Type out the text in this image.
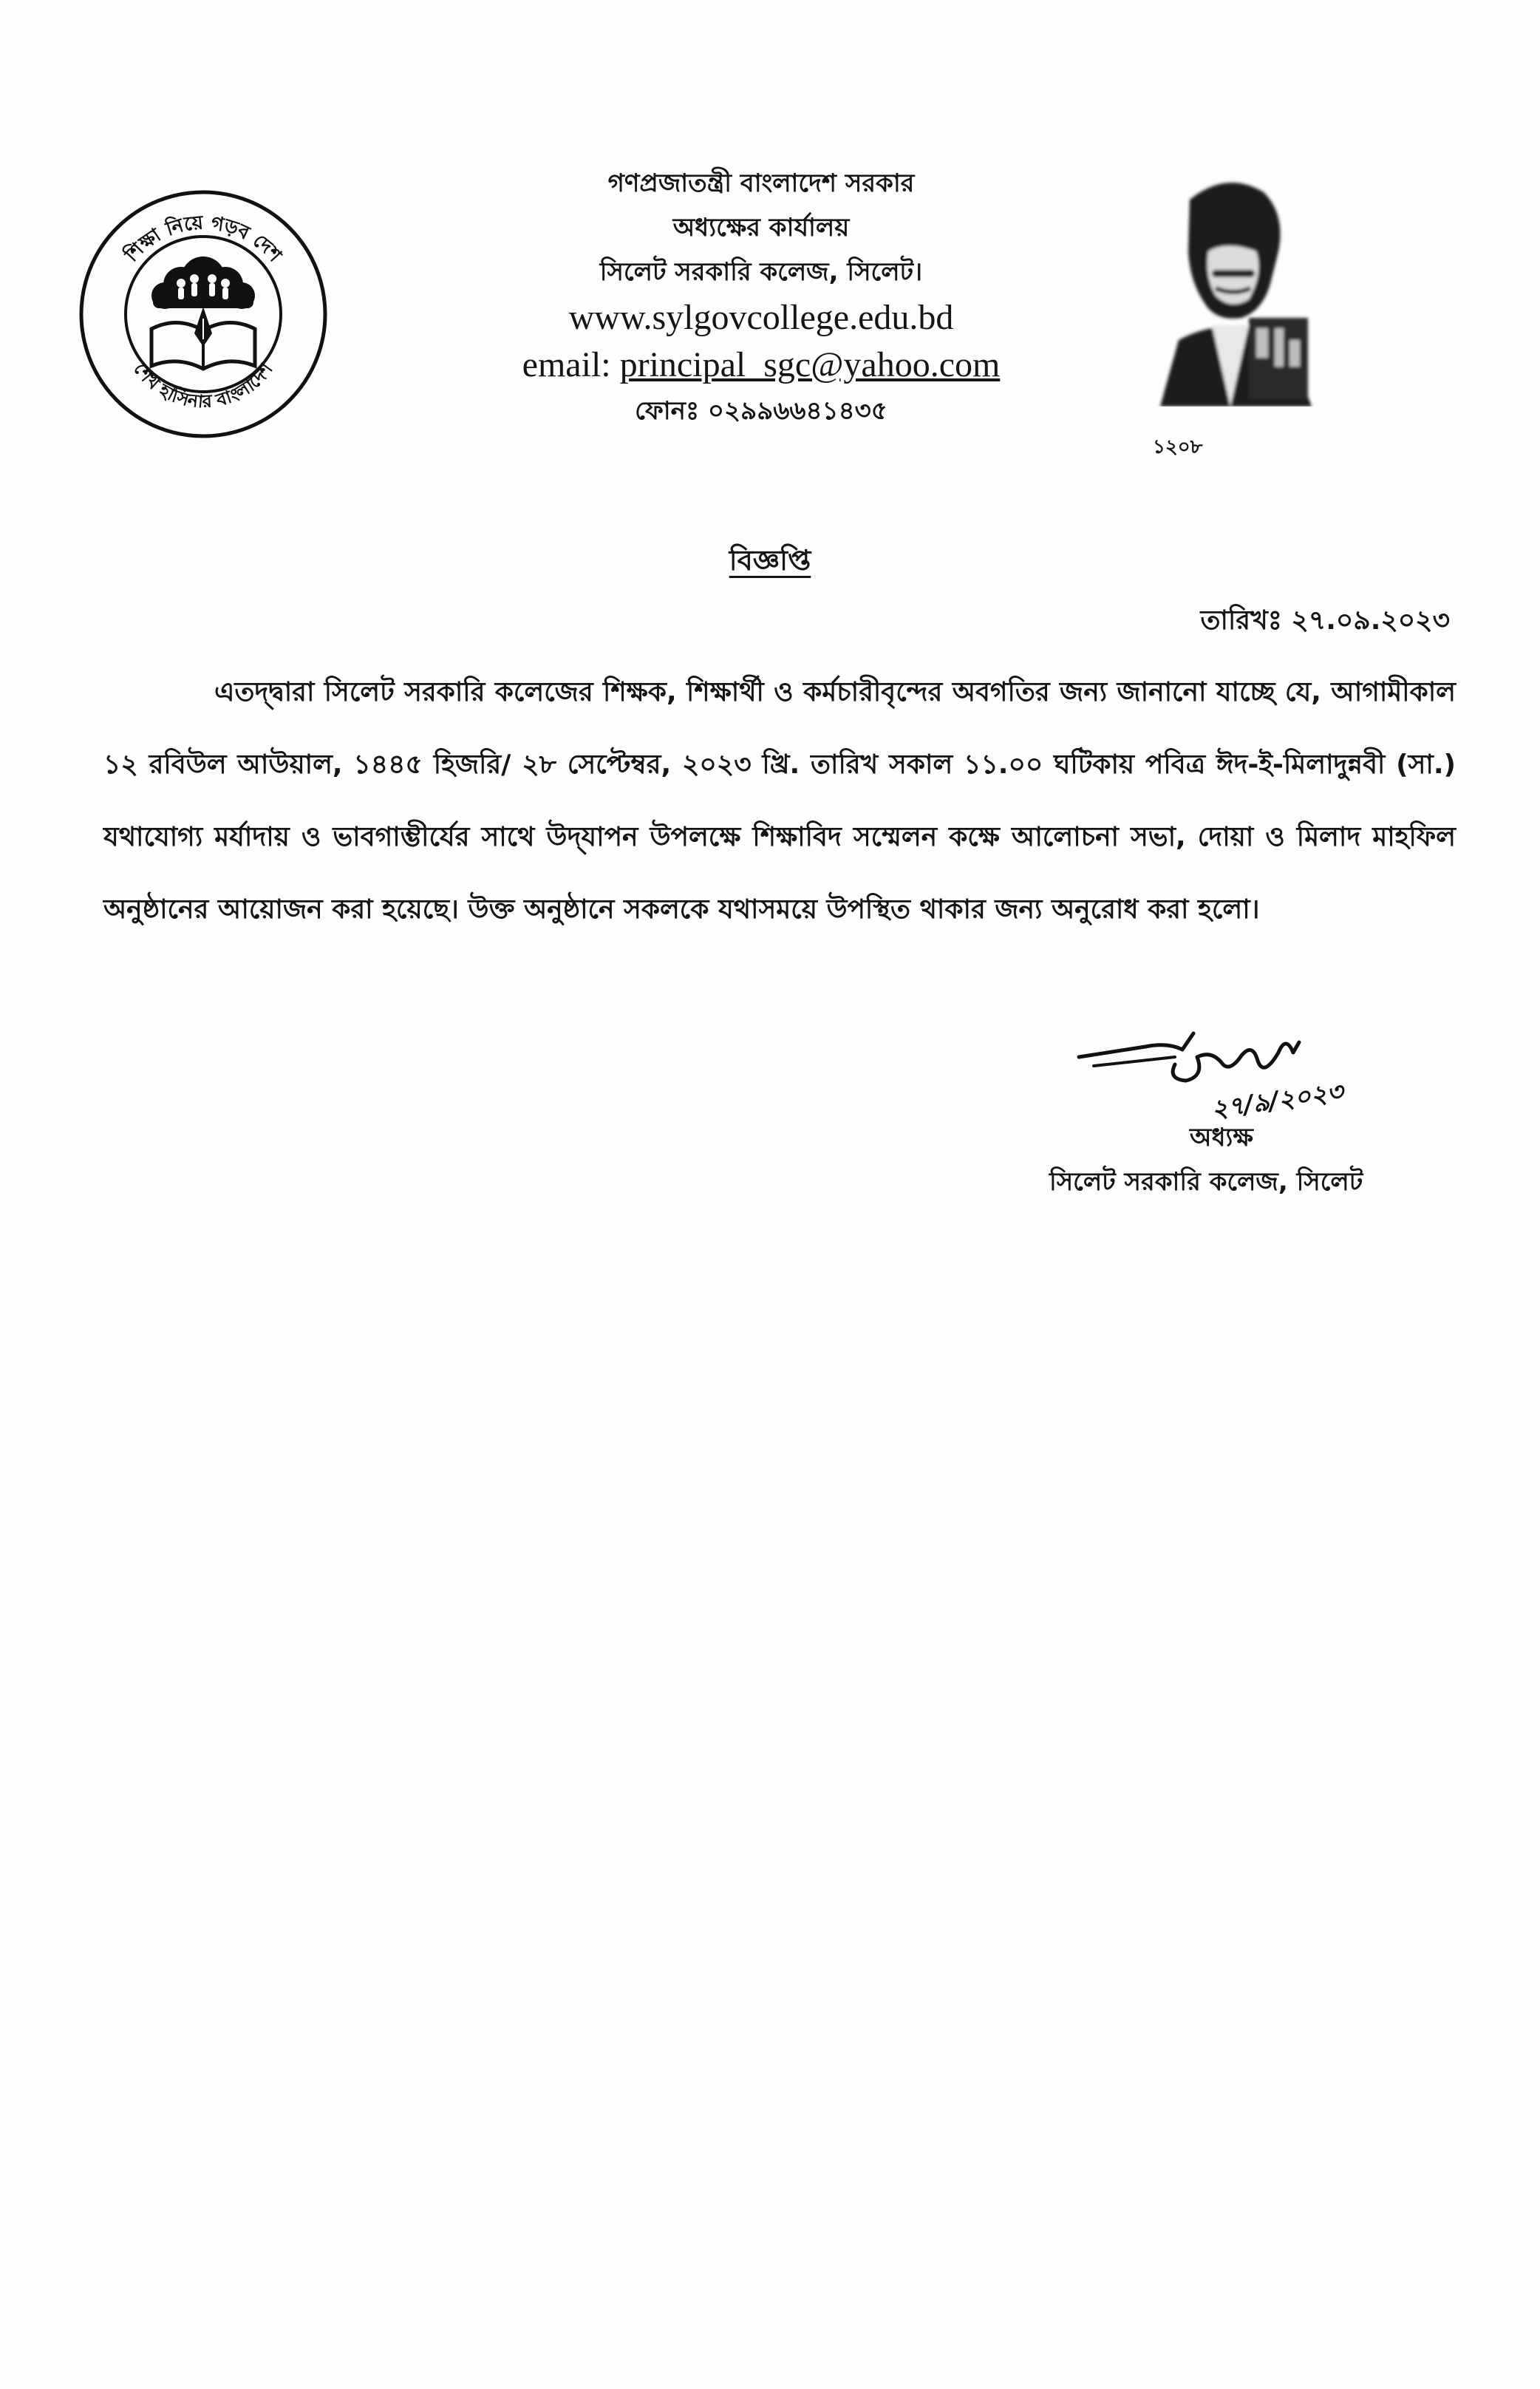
শিক্ষা নিয়ে গড়ব দেশ
শেখ হাসিনার বাংলাদেশ
গণপ্রজাতন্ত্রী বাংলাদেশ সরকার
অধ্যক্ষের কার্যালয়
সিলেট সরকারি কলেজ, সিলেট।
www.sylgovcollege.edu.bd
email: principal_sgc@yahoo.com
ফোনঃ ০২৯৯৬৬৪১৪৩৫
১২০৮
বিজ্ঞপ্তি
তারিখঃ ২৭.০৯.২০২৩
এতদ্দ্বারা সিলেট সরকারি কলেজের শিক্ষক, শিক্ষার্থী ও কর্মচারীবৃন্দের অবগতির জন্য জানানো যাচ্ছে যে, আগামীকাল ১২ রবিউল আউয়াল, ১৪৪৫ হিজরি/ ২৮ সেপ্টেম্বর, ২০২৩ খ্রি. তারিখ সকাল ১১.০০ ঘটিকায় পবিত্র ঈদ-ই-মিলাদুন্নবী (সা.) যথাযোগ্য মর্যাদায় ও ভাবগাম্ভীর্যের সাথে উদ্‌যাপন উপলক্ষে শিক্ষাবিদ সম্মেলন কক্ষে আলোচনা সভা, দোয়া ও মিলাদ মাহফিল অনুষ্ঠানের আয়োজন করা হয়েছে। উক্ত অনুষ্ঠানে সকলকে যথাসময়ে উপস্থিত থাকার জন্য অনুরোধ করা হলো।
২৭/৯/২০২৩
অধ্যক্ষ
সিলেট সরকারি কলেজ, সিলেট
